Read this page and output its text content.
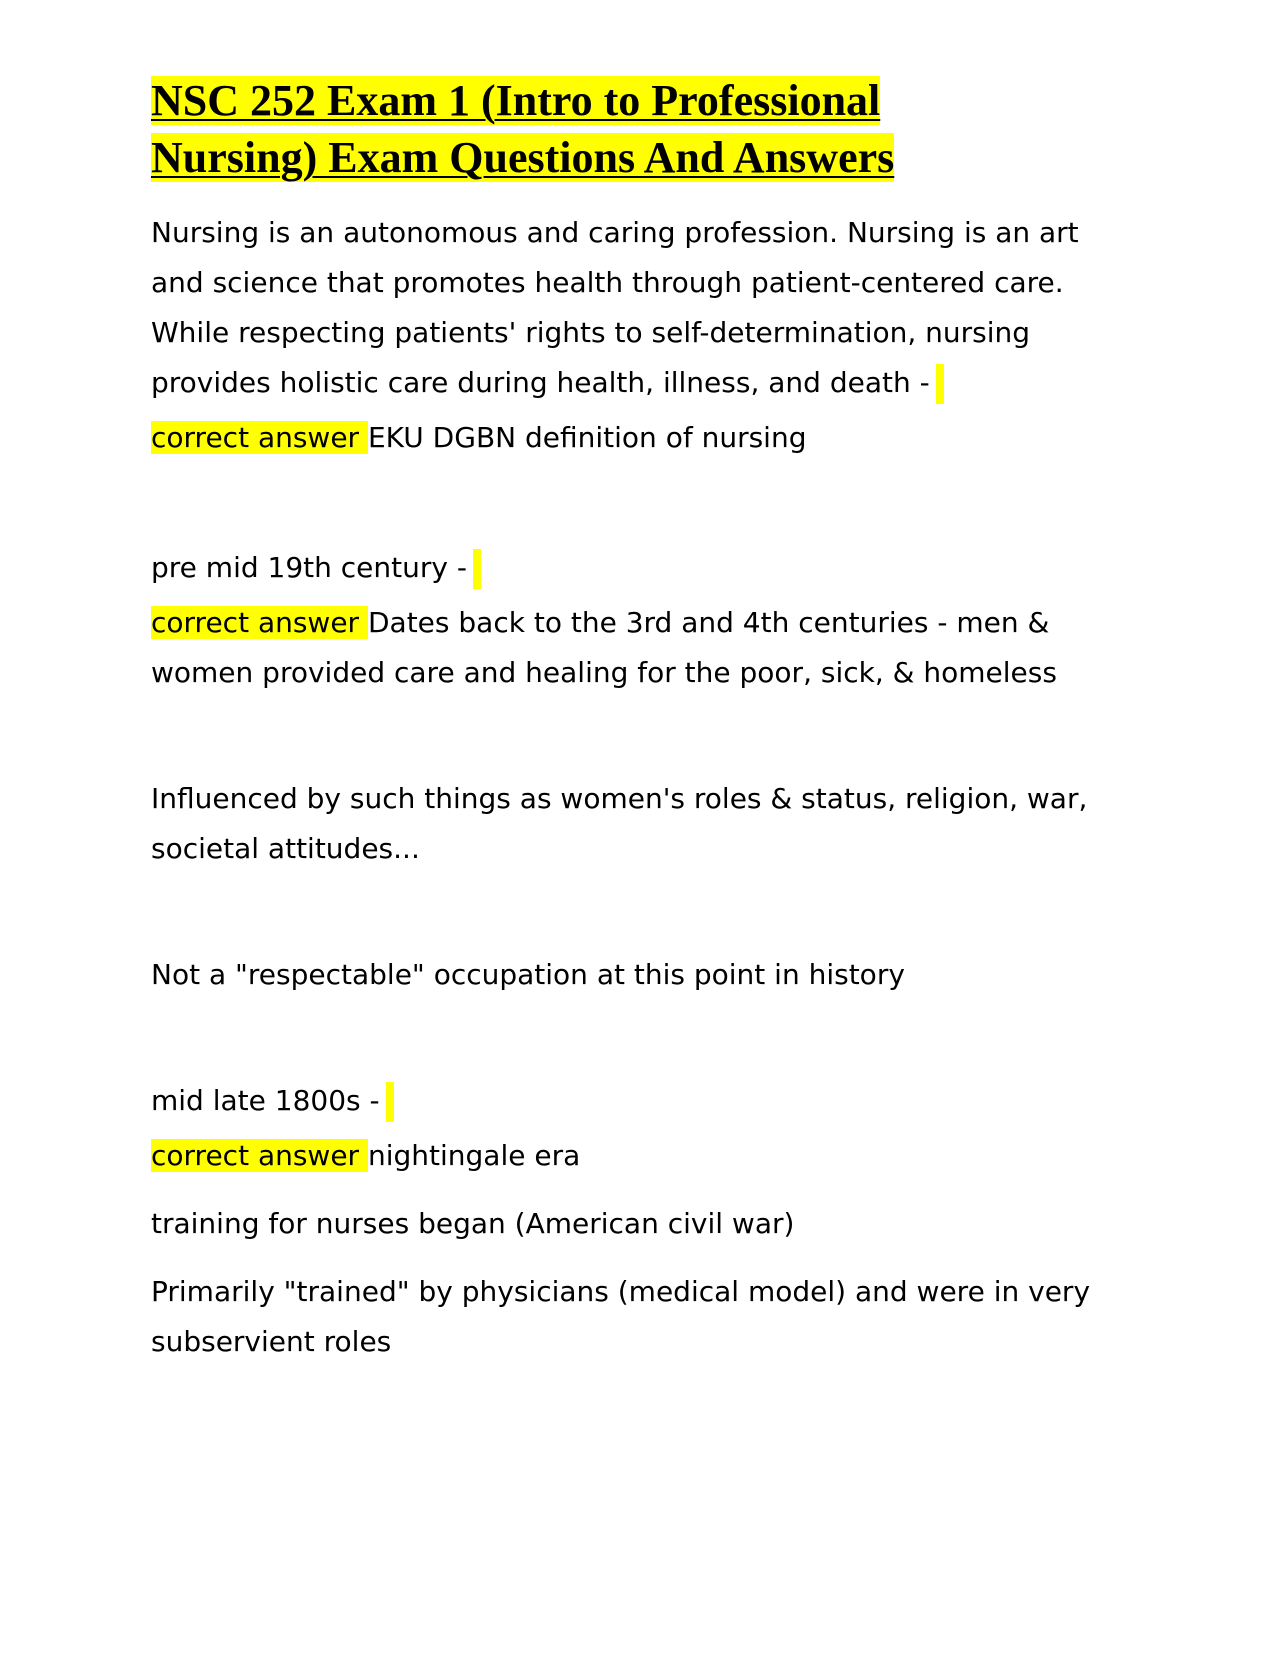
NSC 252 Exam 1 (Intro to Professional
Nursing) Exam Questions And Answers

Nursing is an autonomous and caring profession. Nursing is an art
and science that promotes health through patient-centered care.
While respecting patients' rights to self-determination, nursing
provides holistic care during health, illness, and death -

correct answer EKU DGBN definition of nursing

pre mid 19th century -

correct answer Dates back to the 3rd and 4th centuries - men &
women provided care and healing for the poor, sick, & homeless

Influenced by such things as women's roles & status, religion, war,
societal attitudes...

Not a "respectable" occupation at this point in history

mid late 1800s -

correct answer nightingale era

training for nurses began (American civil war)

Primarily "trained" by physicians (medical model) and were in very
subservient roles
